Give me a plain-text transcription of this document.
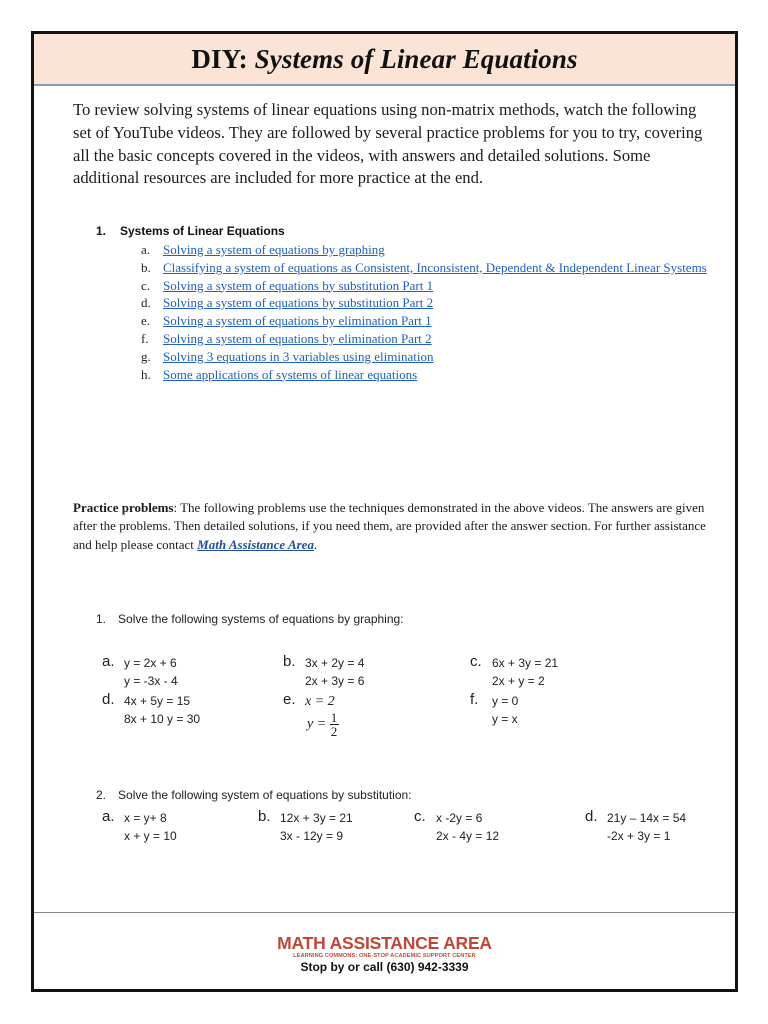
DIY: Systems of Linear Equations

To review solving systems of linear equations using non-matrix methods, watch the following set of YouTube videos. They are followed by several practice problems for you to try, covering all the basic concepts covered in the videos, with answers and detailed solutions. Some additional resources are included for more practice at the end.

1.	Systems of Linear Equations
a. Solving a system of equations by graphing
b. Classifying a system of equations as Consistent, Inconsistent, Dependent & Independent Linear Systems
c. Solving a system of equations by substitution Part 1
d. Solving a system of equations by substitution Part 2
e. Solving a system of equations by elimination Part 1
f.	Solving a system of equations by elimination Part 2
g. Solving 3 equations in 3 variables using elimination
h. Some applications of systems of linear equations

Practice problems: The following problems use the techniques demonstrated in the above videos. The answers are given after the problems. Then detailed solutions, if you need them, are provided after the answer section. For further assistance and help please contact Math Assistance Area.

1. Solve the following systems of equations by graphing:
a. y = 2x + 6
y = -3x - 4
b. 3x + 2y = 4
2x + 3y = 6
c. 6x + 3y = 21
2x + y = 2
d. 4x + 5y = 15
8x + 10 y = 30
e. x = 2
$y = \frac{1}{2}$
f. y = 0
y = x
2. Solve the following system of equations by substitution:
a. x = y+ 8
x + y = 10
b. 12x + 3y = 21
3x - 12y = 9
c. x -2y = 6
2x - 4y = 12
d. 21y – 14x = 54
-2x + 3y = 1
MATH ASSISTANCE AREA
LEARNING COMMONS: ONE-STOP ACADEMIC SUPPORT CENTER
Stop by or call (630) 942-3339
